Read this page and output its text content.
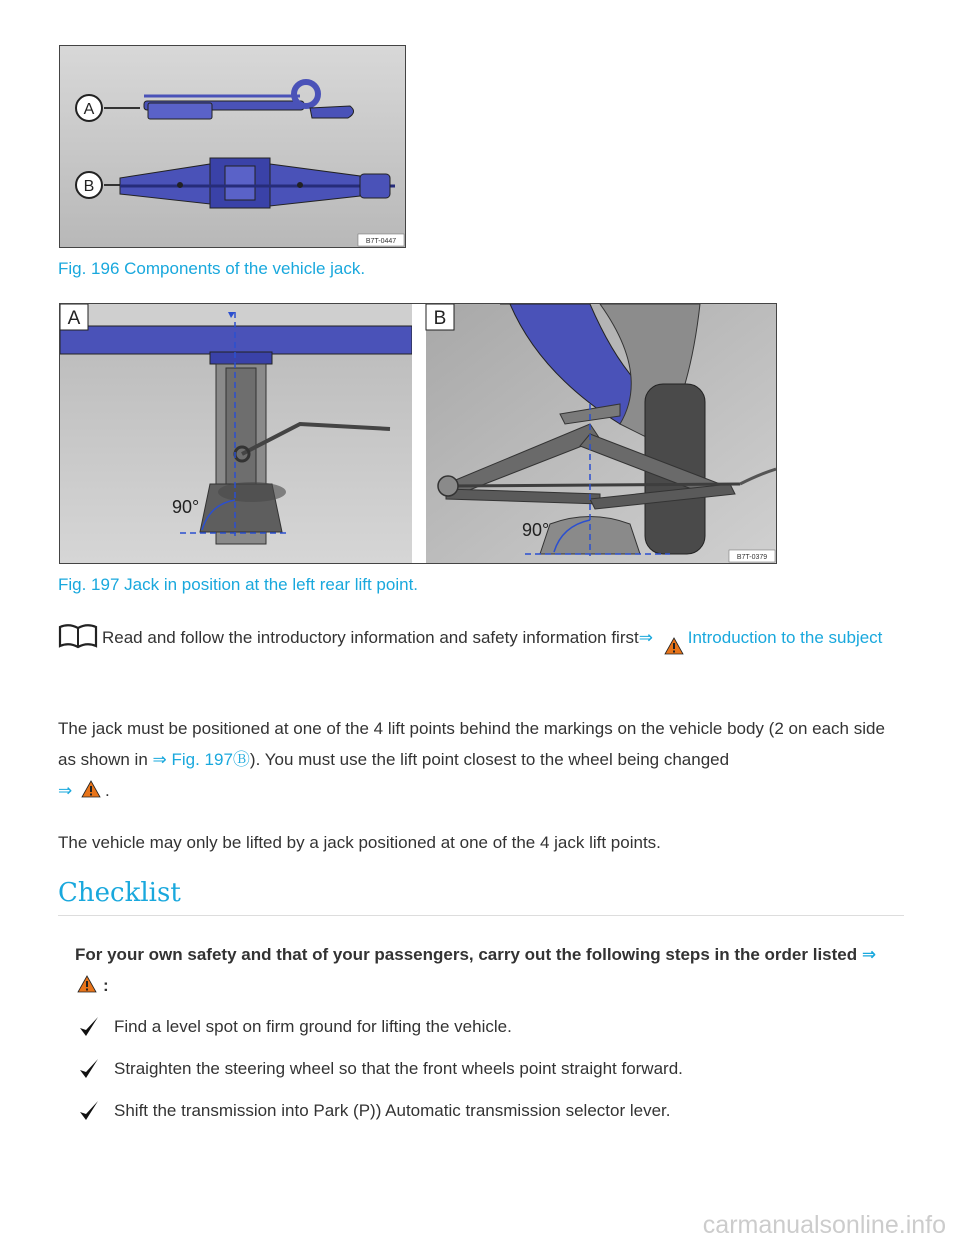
A
B
B7T-0447
Fig. 196 Components of the vehicle jack.
A
90°
B
90°
B7T-0379
Fig. 197 Jack in position at the left rear lift point.
Read and follow the introductory information and safety information first⇒ Introduction to the subject
The jack must be positioned at one of the 4 lift points behind the markings on the vehicle body (2 on each side as shown in ⇒ Fig. 197Ⓑ). You must use the lift point closest to the wheel being changed
⇒ .
The vehicle may only be lifted by a jack positioned at one of the 4 jack lift points.
Checklist
For your own safety and that of your passengers, carry out the following steps in the order listed ⇒:
Find a level spot on firm ground for lifting the vehicle.
Straighten the steering wheel so that the front wheels point straight forward.
Shift the transmission into Park (P)) Automatic transmission selector lever.
carmanualsonline.info
